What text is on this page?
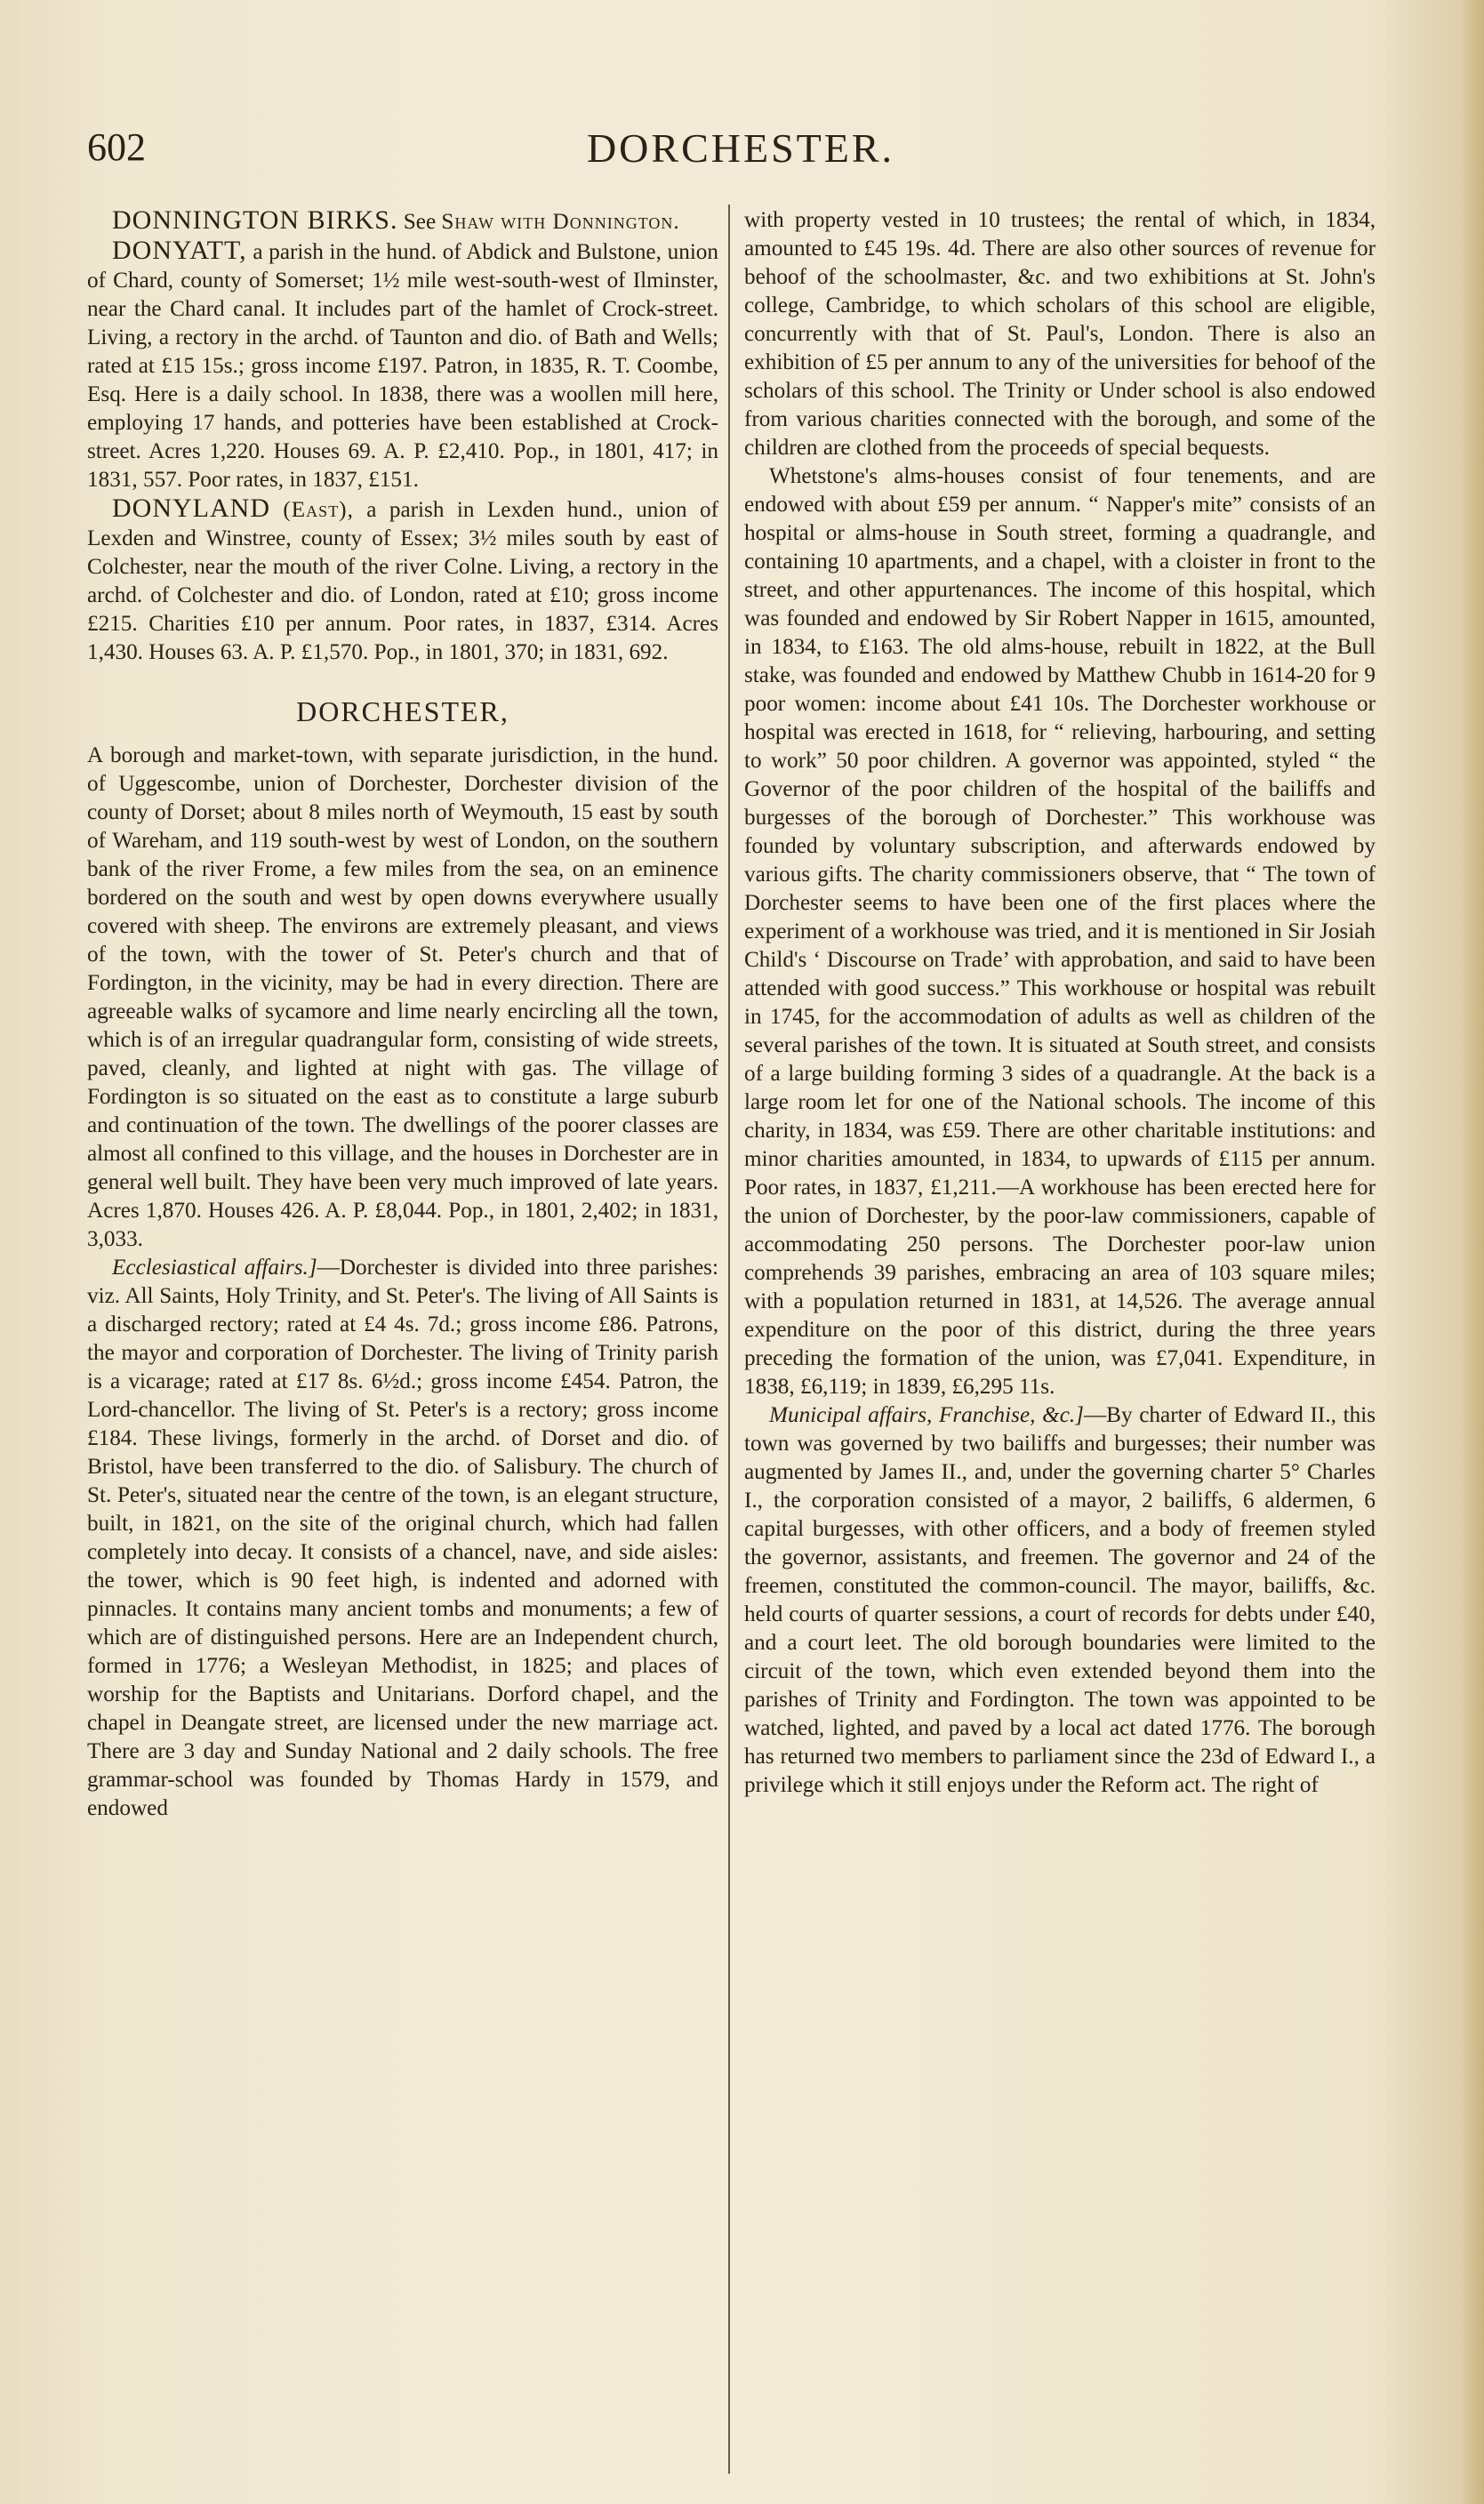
602	DORCHESTER.

DONNINGTON BIRKS. See Shaw with Donnington.

DONYATT, a parish in the hund. of Abdick and Bulstone, union of Chard, county of Somerset; 1½ mile west-south-west of Ilminster, near the Chard canal. It includes part of the hamlet of Crock-street. Living, a rectory in the archd. of Taunton and dio. of Bath and Wells; rated at £15 15s.; gross income £197. Patron, in 1835, R. T. Coombe, Esq. Here is a daily school. In 1838, there was a woollen mill here, employing 17 hands, and potteries have been established at Crock-street. Acres 1,220. Houses 69. A. P. £2,410. Pop., in 1801, 417; in 1831, 557. Poor rates, in 1837, £151.

DONYLAND (East), a parish in Lexden hund., union of Lexden and Winstree, county of Essex; 3½ miles south by east of Colchester, near the mouth of the river Colne. Living, a rectory in the archd. of Colchester and dio. of London, rated at £10; gross income £215. Charities £10 per annum. Poor rates, in 1837, £314. Acres 1,430. Houses 63. A. P. £1,570. Pop., in 1801, 370; in 1831, 692.

DORCHESTER,

A borough and market-town, with separate jurisdiction, in the hund. of Uggescombe, union of Dorchester, Dorchester division of the county of Dorset; about 8 miles north of Weymouth, 15 east by south of Wareham, and 119 south-west by west of London, on the southern bank of the river Frome, a few miles from the sea, on an eminence bordered on the south and west by open downs everywhere usually covered with sheep. The environs are extremely pleasant, and views of the town, with the tower of St. Peter's church and that of Fordington, in the vicinity, may be had in every direction. There are agreeable walks of sycamore and lime nearly encircling all the town, which is of an irregular quadrangular form, consisting of wide streets, paved, cleanly, and lighted at night with gas. The village of Fordington is so situated on the east as to constitute a large suburb and continuation of the town. The dwellings of the poorer classes are almost all confined to this village, and the houses in Dorchester are in general well built. They have been very much improved of late years. Acres 1,870. Houses 426. A. P. £8,044. Pop., in 1801, 2,402; in 1831, 3,033.

Ecclesiastical affairs.]—Dorchester is divided into three parishes: viz. All Saints, Holy Trinity, and St. Peter's. The living of All Saints is a discharged rectory; rated at £4 4s. 7d.; gross income £86. Patrons, the mayor and corporation of Dorchester. The living of Trinity parish is a vicarage; rated at £17 8s. 6½d.; gross income £454. Patron, the Lord-chancellor. The living of St. Peter's is a rectory; gross income £184. These livings, formerly in the archd. of Dorset and dio. of Bristol, have been transferred to the dio. of Salisbury. The church of St. Peter's, situated near the centre of the town, is an elegant structure, built, in 1821, on the site of the original church, which had fallen completely into decay. It consists of a chancel, nave, and side aisles: the tower, which is 90 feet high, is indented and adorned with pinnacles. It contains many ancient tombs and monuments; a few of which are of distinguished persons. Here are an Independent church, formed in 1776; a Wesleyan Methodist, in 1825; and places of worship for the Baptists and Unitarians. Dorford chapel, and the chapel in Deangate street, are licensed under the new marriage act. There are 3 day and Sunday National and 2 daily schools. The free grammar-school was founded by Thomas Hardy in 1579, and endowed

with property vested in 10 trustees; the rental of which, in 1834, amounted to £45 19s. 4d. There are also other sources of revenue for behoof of the schoolmaster, &c. and two exhibitions at St. John's college, Cambridge, to which scholars of this school are eligible, concurrently with that of St. Paul's, London. There is also an exhibition of £5 per annum to any of the universities for behoof of the scholars of this school. The Trinity or Under school is also endowed from various charities connected with the borough, and some of the children are clothed from the proceeds of special bequests.

Whetstone's alms-houses consist of four tenements, and are endowed with about £59 per annum. “ Napper's mite” consists of an hospital or alms-house in South street, forming a quadrangle, and containing 10 apartments, and a chapel, with a cloister in front to the street, and other appurtenances. The income of this hospital, which was founded and endowed by Sir Robert Napper in 1615, amounted, in 1834, to £163. The old alms-house, rebuilt in 1822, at the Bull stake, was founded and endowed by Matthew Chubb in 1614-20 for 9 poor women: income about £41 10s. The Dorchester workhouse or hospital was erected in 1618, for “ relieving, harbouring, and setting to work” 50 poor children. A governor was appointed, styled “ the Governor of the poor children of the hospital of the bailiffs and burgesses of the borough of Dorchester.” This workhouse was founded by voluntary subscription, and afterwards endowed by various gifts. The charity commissioners observe, that “ The town of Dorchester seems to have been one of the first places where the experiment of a workhouse was tried, and it is mentioned in Sir Josiah Child's ‘ Discourse on Trade’ with approbation, and said to have been attended with good success.” This workhouse or hospital was rebuilt in 1745, for the accommodation of adults as well as children of the several parishes of the town. It is situated at South street, and consists of a large building forming 3 sides of a quadrangle. At the back is a large room let for one of the National schools. The income of this charity, in 1834, was £59. There are other charitable institutions: and minor charities amounted, in 1834, to upwards of £115 per annum. Poor rates, in 1837, £1,211.—A workhouse has been erected here for the union of Dorchester, by the poor-law commissioners, capable of accommodating 250 persons. The Dorchester poor-law union comprehends 39 parishes, embracing an area of 103 square miles; with a population returned in 1831, at 14,526. The average annual expenditure on the poor of this district, during the three years preceding the formation of the union, was £7,041. Expenditure, in 1838, £6,119; in 1839, £6,295 11s.

Municipal affairs, Franchise, &c.]—By charter of Edward II., this town was governed by two bailiffs and burgesses; their number was augmented by James II., and, under the governing charter 5° Charles I., the corporation consisted of a mayor, 2 bailiffs, 6 aldermen, 6 capital burgesses, with other officers, and a body of freemen styled the governor, assistants, and freemen. The governor and 24 of the freemen, constituted the common-council. The mayor, bailiffs, &c. held courts of quarter sessions, a court of records for debts under £40, and a court leet. The old borough boundaries were limited to the circuit of the town, which even extended beyond them into the parishes of Trinity and Fordington. The town was appointed to be watched, lighted, and paved by a local act dated 1776. The borough has returned two members to parliament since the 23d of Edward I., a privilege which it still enjoys under the Reform act. The right of
